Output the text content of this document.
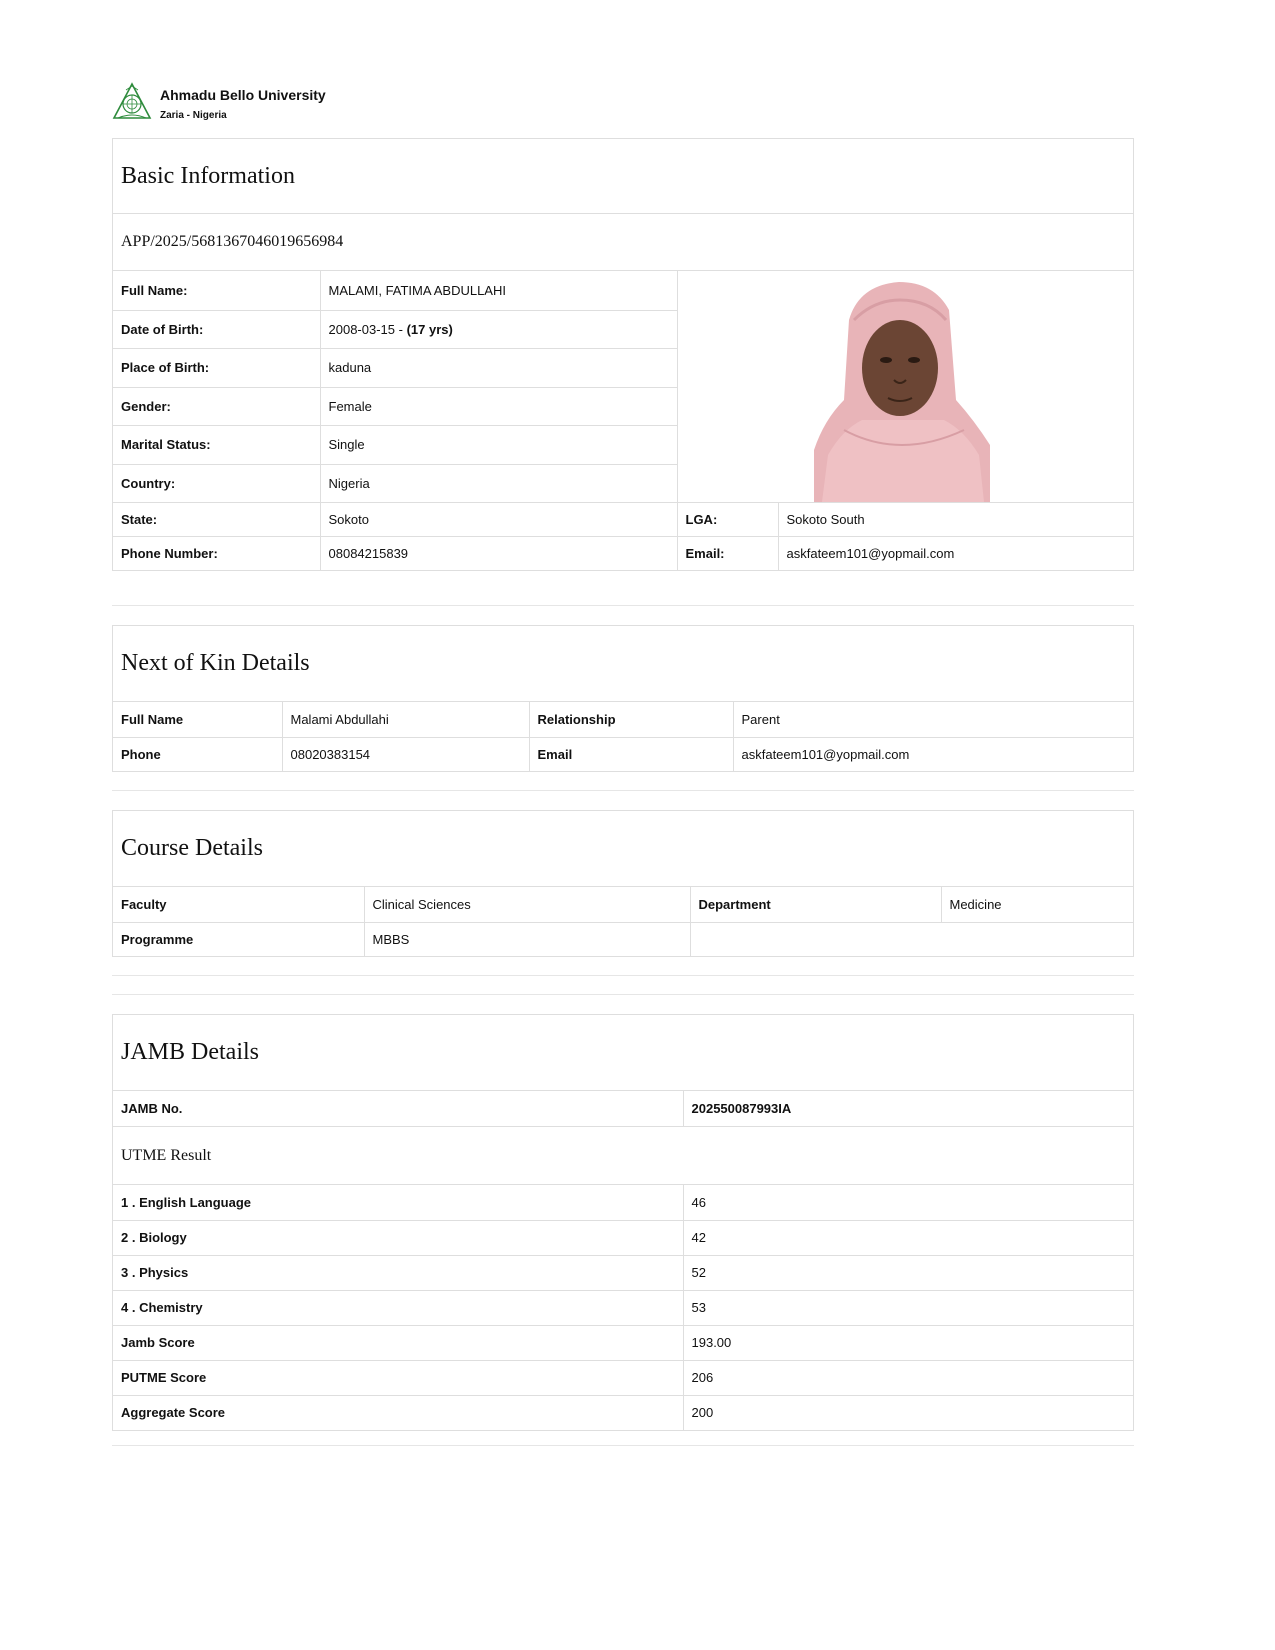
Ahmadu Bello University
Zaria - Nigeria
Basic Information
APP/2025/5681367046019656984
Full Name:	MALAMI, FATIMA ABDULLAHI	

Date of Birth:	2008-03-15 - (17 yrs)		
Place of Birth:	kaduna		
Gender:	Female		
Marital Status:	Single		
Country:	Nigeria		
State:	Sokoto	LGA:	Sokoto South
Phone Number:	08084215839	Email:	askfateem101@yopmail.com
Next of Kin Details
Full Name	Malami Abdullahi	Relationship	Parent
Phone	08020383154	Email	askfateem101@yopmail.com
Course Details
Faculty	Clinical Sciences	Department	Medicine
Programme	MBBS		
JAMB Details
JAMB No.	202550087993IA
UTME Result
1 . English Language	46
2 . Biology	42
3 . Physics	52
4 . Chemistry	53
Jamb Score	193.00
PUTME Score	206
Aggregate Score	200
